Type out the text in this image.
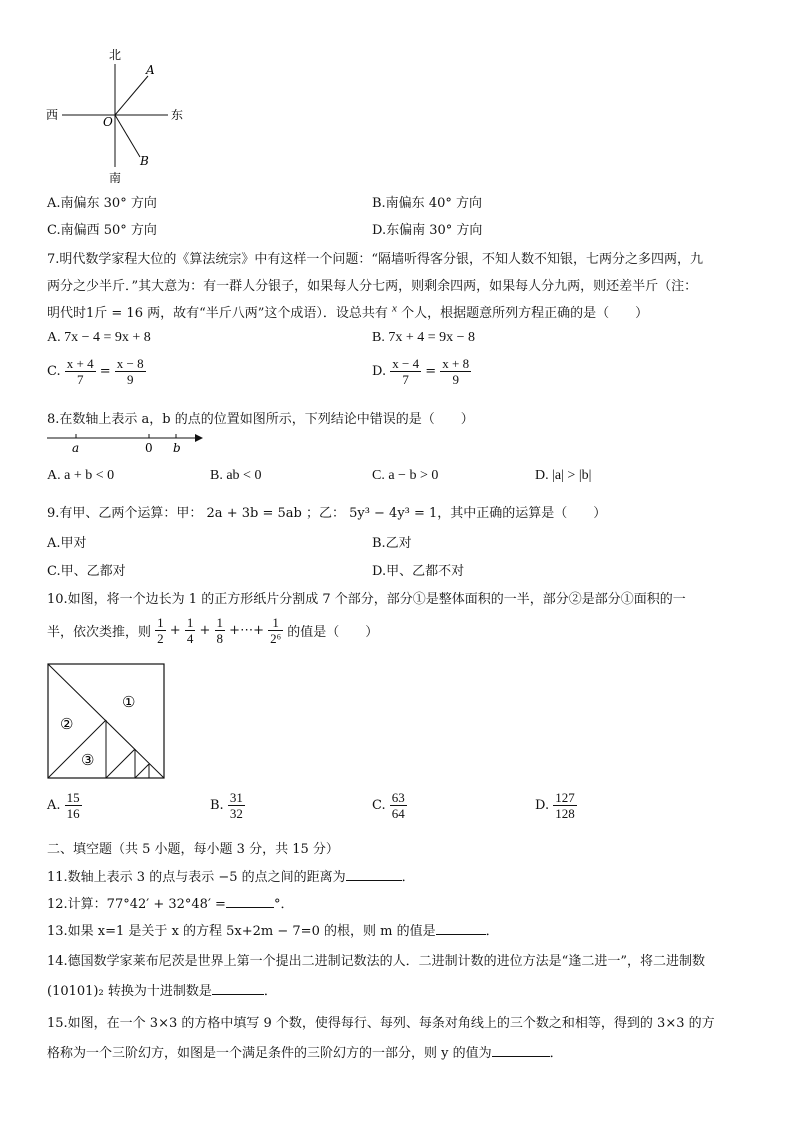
北
南
西	东
O
A
B
A.南偏东 30° 方向	B.南偏东 40° 方向
C.南偏西 50° 方向	D.东偏南 30° 方向
7.明代数学家程大位的《算法统宗》中有这样一个问题：“隔墙听得客分银，不知人数不知银，七两分之多四两，九
两分之少半斤．”其大意为：有一群人分银子，如果每人分七两，则剩余四两，如果每人分九两，则还差半斤（注：
明代时1斤 = 16 两，故有“半斤八两”这个成语）．设总共有 $^x$ 个人，根据题意所列方程正确的是（　　）
A. 7x − 4 = 9x + 8	B. 7x + 4 = 9x − 8
C. $\frac{x + 4}{7} = \frac{x - 8}{9}$	D. $\frac{x - 4}{7} = \frac{x + 8}{9}$
8.在数轴上表示 a，b 的点的位置如图所示，下列结论中错误的是（　　）
a	0 b
A. a + b < 0	B. ab < 0	C. a − b > 0	D. |a| > |b|
9.有甲、乙两个运算：甲： 2a + 3b = 5ab ；乙： 5y³ − 4y³ = 1，其中正确的运算是（　　）
A.甲对	B.乙对
C.甲、乙都对	D.甲、乙都不对
10.如图，将一个边长为 1 的正方形纸片分割成 7 个部分，部分①是整体面积的一半，部分②是部分①面积的一
半，依次类推，则 $\frac{1}{2} + \frac{1}{4} + \frac{1}{8}$ +⋯+ $\frac{1}{\text{2⁶}}$ 的值是（　　）
①
②
③
A. $\frac{15}{16}$	B. $\frac{31}{32}$	C. $\frac{63}{64}$	D. $\frac{127}{128}$
二、填空题（共 5 小题，每小题 3 分，共 15 分）
11.数轴上表示 3 的点与表示 −5 的点之间的距离为	．
12.计算：77°42′ + 32°48′ =	°．
13.如果 x=1 是关于 x 的方程 5x+2m − 7=0 的根，则 m 的值是	．
14.德国数学家莱布尼茨是世界上第一个提出二进制记数法的人．二进制计数的进位方法是“逢二进一”，将二进制数
(10101)₂ 转换为十进制数是	．
15.如图，在一个 3×3 的方格中填写 9 个数，使得每行、每列、每条对角线上的三个数之和相等，得到的 3×3 的方
格称为一个三阶幻方，如图是一个满足条件的三阶幻方的一部分，则 y 的值为	．
